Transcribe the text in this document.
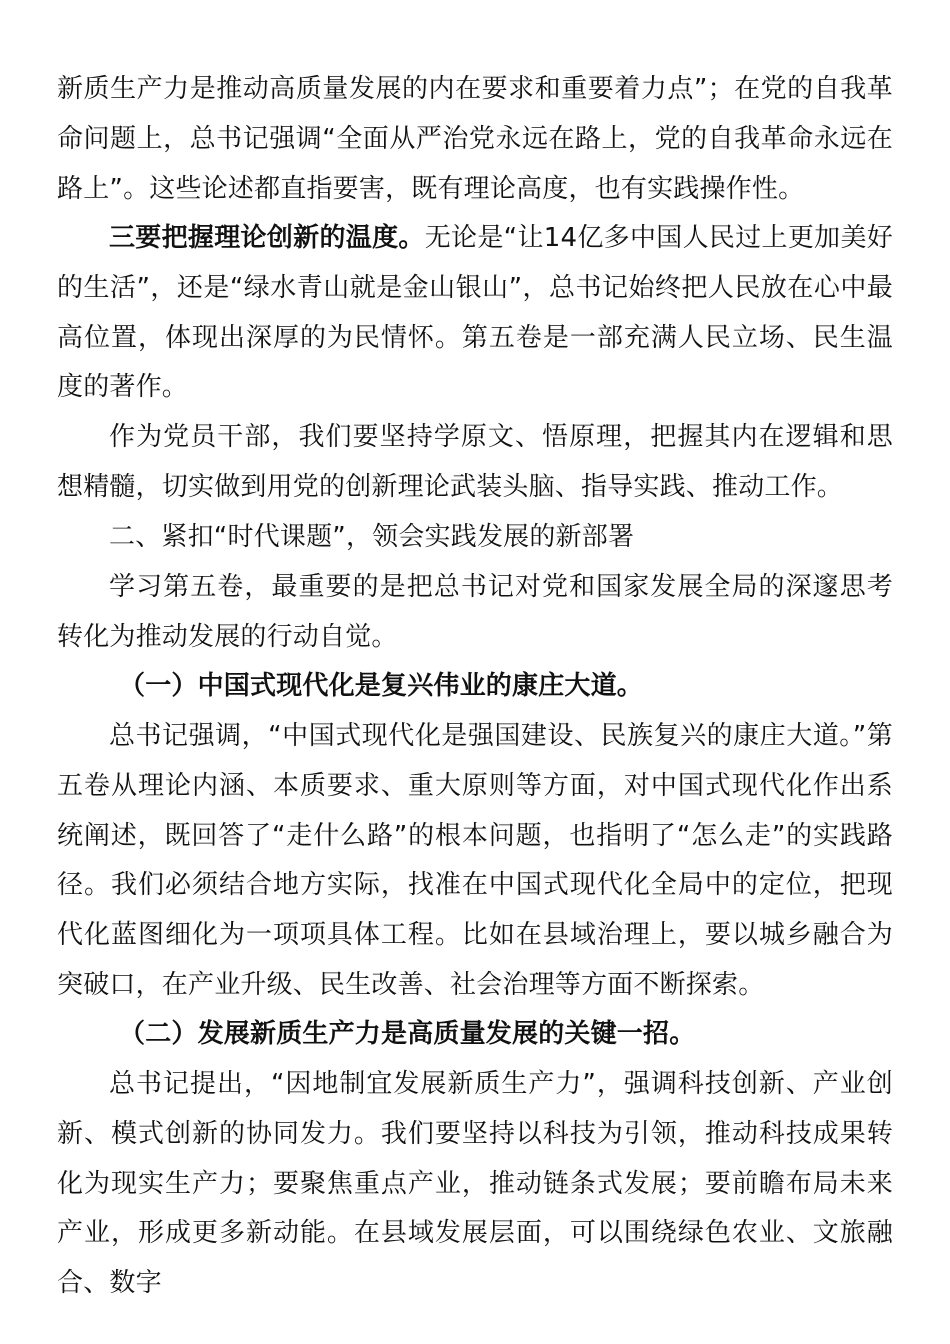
新质生产力是推动高质量发展的内在要求和重要着力点”；在党的自我革命问题上，总书记强调“全面从严治党永远在路上，党的自我革命永远在路上”。这些论述都直指要害，既有理论高度，也有实践操作性。

三要把握理论创新的温度。无论是“让14亿多中国人民过上更加美好的生活”，还是“绿水青山就是金山银山”，总书记始终把人民放在心中最高位置，体现出深厚的为民情怀。第五卷是一部充满人民立场、民生温度的著作。

作为党员干部，我们要坚持学原文、悟原理，把握其内在逻辑和思想精髓，切实做到用党的创新理论武装头脑、指导实践、推动工作。

二、紧扣“时代课题”，领会实践发展的新部署

学习第五卷，最重要的是把总书记对党和国家发展全局的深邃思考转化为推动发展的行动自觉。

（一）中国式现代化是复兴伟业的康庄大道。

总书记强调，“中国式现代化是强国建设、民族复兴的康庄大道。”第五卷从理论内涵、本质要求、重大原则等方面，对中国式现代化作出系统阐述，既回答了“走什么路”的根本问题，也指明了“怎么走”的实践路径。我们必须结合地方实际，找准在中国式现代化全局中的定位，把现代化蓝图细化为一项项具体工程。比如在县域治理上，要以城乡融合为突破口，在产业升级、民生改善、社会治理等方面不断探索。

（二）发展新质生产力是高质量发展的关键一招。

总书记提出，“因地制宜发展新质生产力”，强调科技创新、产业创新、模式创新的协同发力。我们要坚持以科技为引领，推动科技成果转化为现实生产力；要聚焦重点产业，推动链条式发展；要前瞻布局未来产业，形成更多新动能。在县域发展层面，可以围绕绿色农业、文旅融合、数字
